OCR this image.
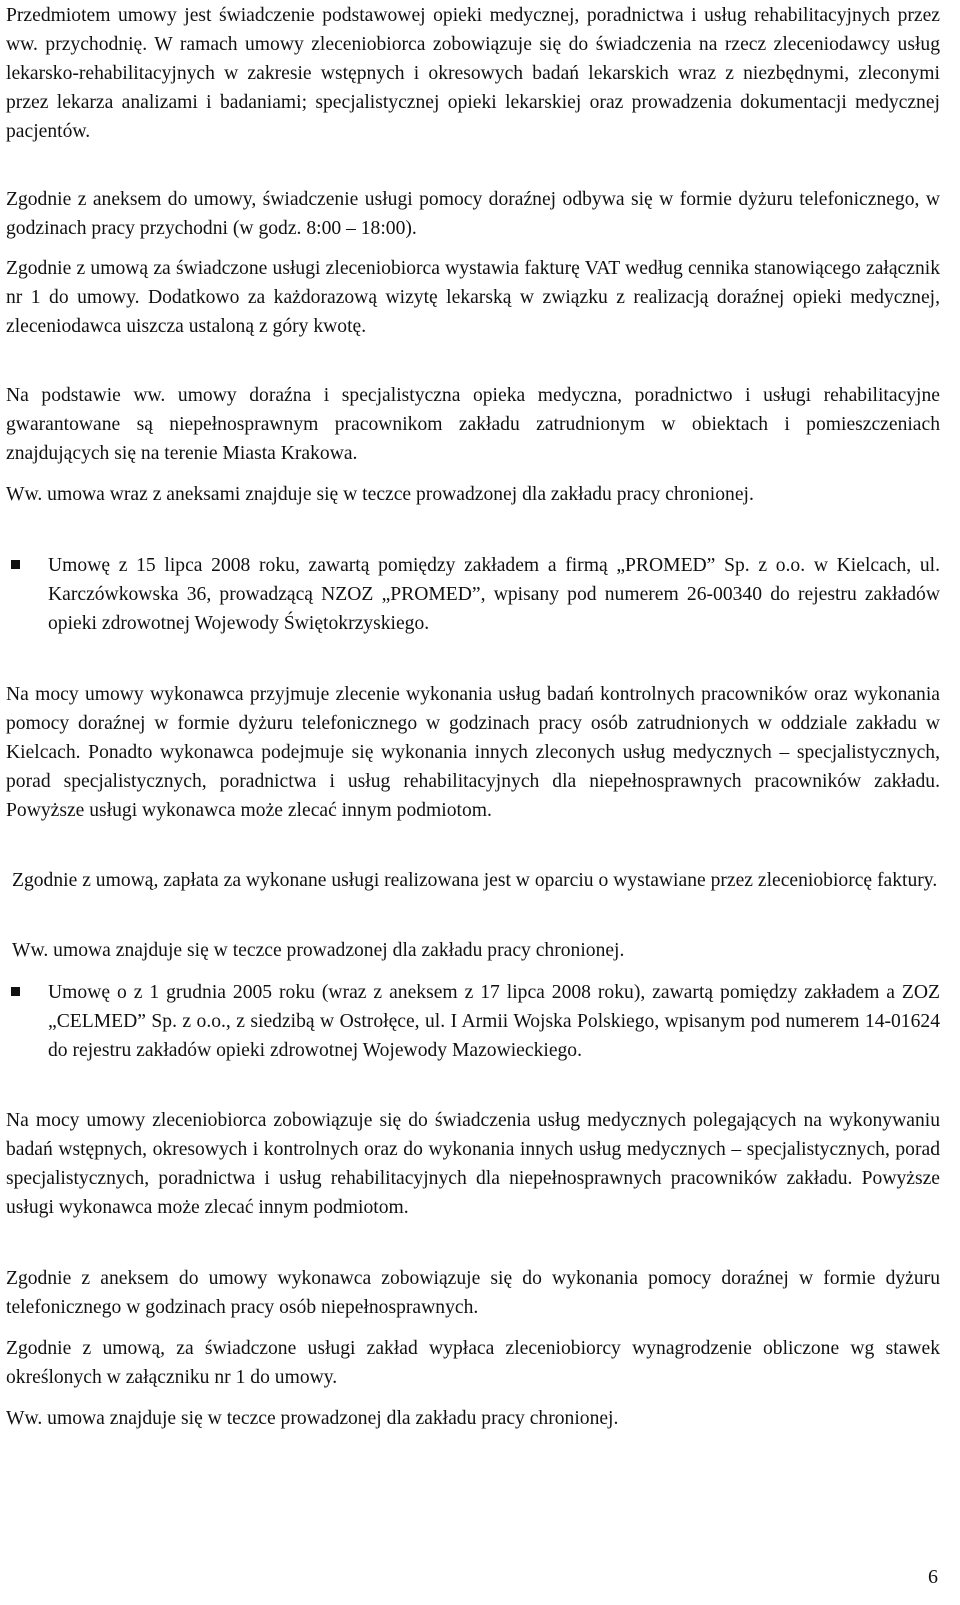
Przedmiotem umowy jest świadczenie podstawowej opieki medycznej, poradnictwa i usług rehabilitacyjnych przez ww. przychodnię. W ramach umowy zleceniobiorca zobowiązuje się do świadczenia na rzecz zleceniodawcy usług lekarsko-rehabilitacyjnych w zakresie wstępnych i okresowych badań lekarskich wraz z niezbędnymi, zleconymi przez lekarza analizami i badaniami; specjalistycznej opieki lekarskiej oraz prowadzenia dokumentacji medycznej pacjentów.

Zgodnie z aneksem do umowy, świadczenie usługi pomocy doraźnej odbywa się w formie dyżuru telefonicznego, w godzinach pracy przychodni (w godz. 8:00 – 18:00).

Zgodnie z umową za świadczone usługi zleceniobiorca wystawia fakturę VAT według cennika stanowiącego załącznik nr 1 do umowy. Dodatkowo za każdorazową wizytę lekarską w związku z realizacją doraźnej opieki medycznej, zleceniodawca uiszcza ustaloną z góry kwotę.

Na podstawie ww. umowy doraźna i specjalistyczna opieka medyczna, poradnictwo i usługi rehabilitacyjne gwarantowane są niepełnosprawnym pracownikom zakładu zatrudnionym w obiektach i pomieszczeniach znajdujących się na terenie Miasta Krakowa.

Ww. umowa wraz z aneksami znajduje się w teczce prowadzonej dla zakładu pracy chronionej.

Umowę z 15 lipca 2008 roku, zawartą pomiędzy zakładem a firmą „PROMED” Sp. z o.o. w Kielcach, ul. Karczówkowska 36, prowadzącą NZOZ „PROMED”, wpisany pod numerem 26-00340 do rejestru zakładów opieki zdrowotnej Wojewody Świętokrzyskiego.

Na mocy umowy wykonawca przyjmuje zlecenie wykonania usług badań kontrolnych pracowników oraz wykonania pomocy doraźnej w formie dyżuru telefonicznego w godzinach pracy osób zatrudnionych w oddziale zakładu w Kielcach. Ponadto wykonawca podejmuje się wykonania innych zleconych usług medycznych – specjalistycznych, porad specjalistycznych, poradnictwa i usług rehabilitacyjnych dla niepełnosprawnych pracowników zakładu. Powyższe usługi wykonawca może zlecać innym podmiotom.

Zgodnie z umową, zapłata za wykonane usługi realizowana jest w oparciu o wystawiane przez zleceniobiorcę faktury.

Ww. umowa znajduje się w teczce prowadzonej dla zakładu pracy chronionej.

Umowę o z 1 grudnia 2005 roku (wraz z aneksem z 17 lipca 2008 roku), zawartą pomiędzy zakładem a ZOZ „CELMED” Sp. z o.o., z siedzibą w Ostrołęce, ul. I Armii Wojska Polskiego, wpisanym pod numerem 14-01624 do rejestru zakładów opieki zdrowotnej Wojewody Mazowieckiego.

Na mocy umowy zleceniobiorca zobowiązuje się do świadczenia usług medycznych polegających na wykonywaniu badań wstępnych, okresowych i kontrolnych oraz do wykonania innych usług medycznych – specjalistycznych, porad specjalistycznych, poradnictwa i usług rehabilitacyjnych dla niepełnosprawnych pracowników zakładu. Powyższe usługi wykonawca może zlecać innym podmiotom.

Zgodnie z aneksem do umowy wykonawca zobowiązuje się do wykonania pomocy doraźnej w formie dyżuru telefonicznego w godzinach pracy osób niepełnosprawnych.

Zgodnie z umową, za świadczone usługi zakład wypłaca zleceniobiorcy wynagrodzenie obliczone wg stawek określonych w załączniku nr 1 do umowy.

Ww. umowa znajduje się w teczce prowadzonej dla zakładu pracy chronionej.

6
